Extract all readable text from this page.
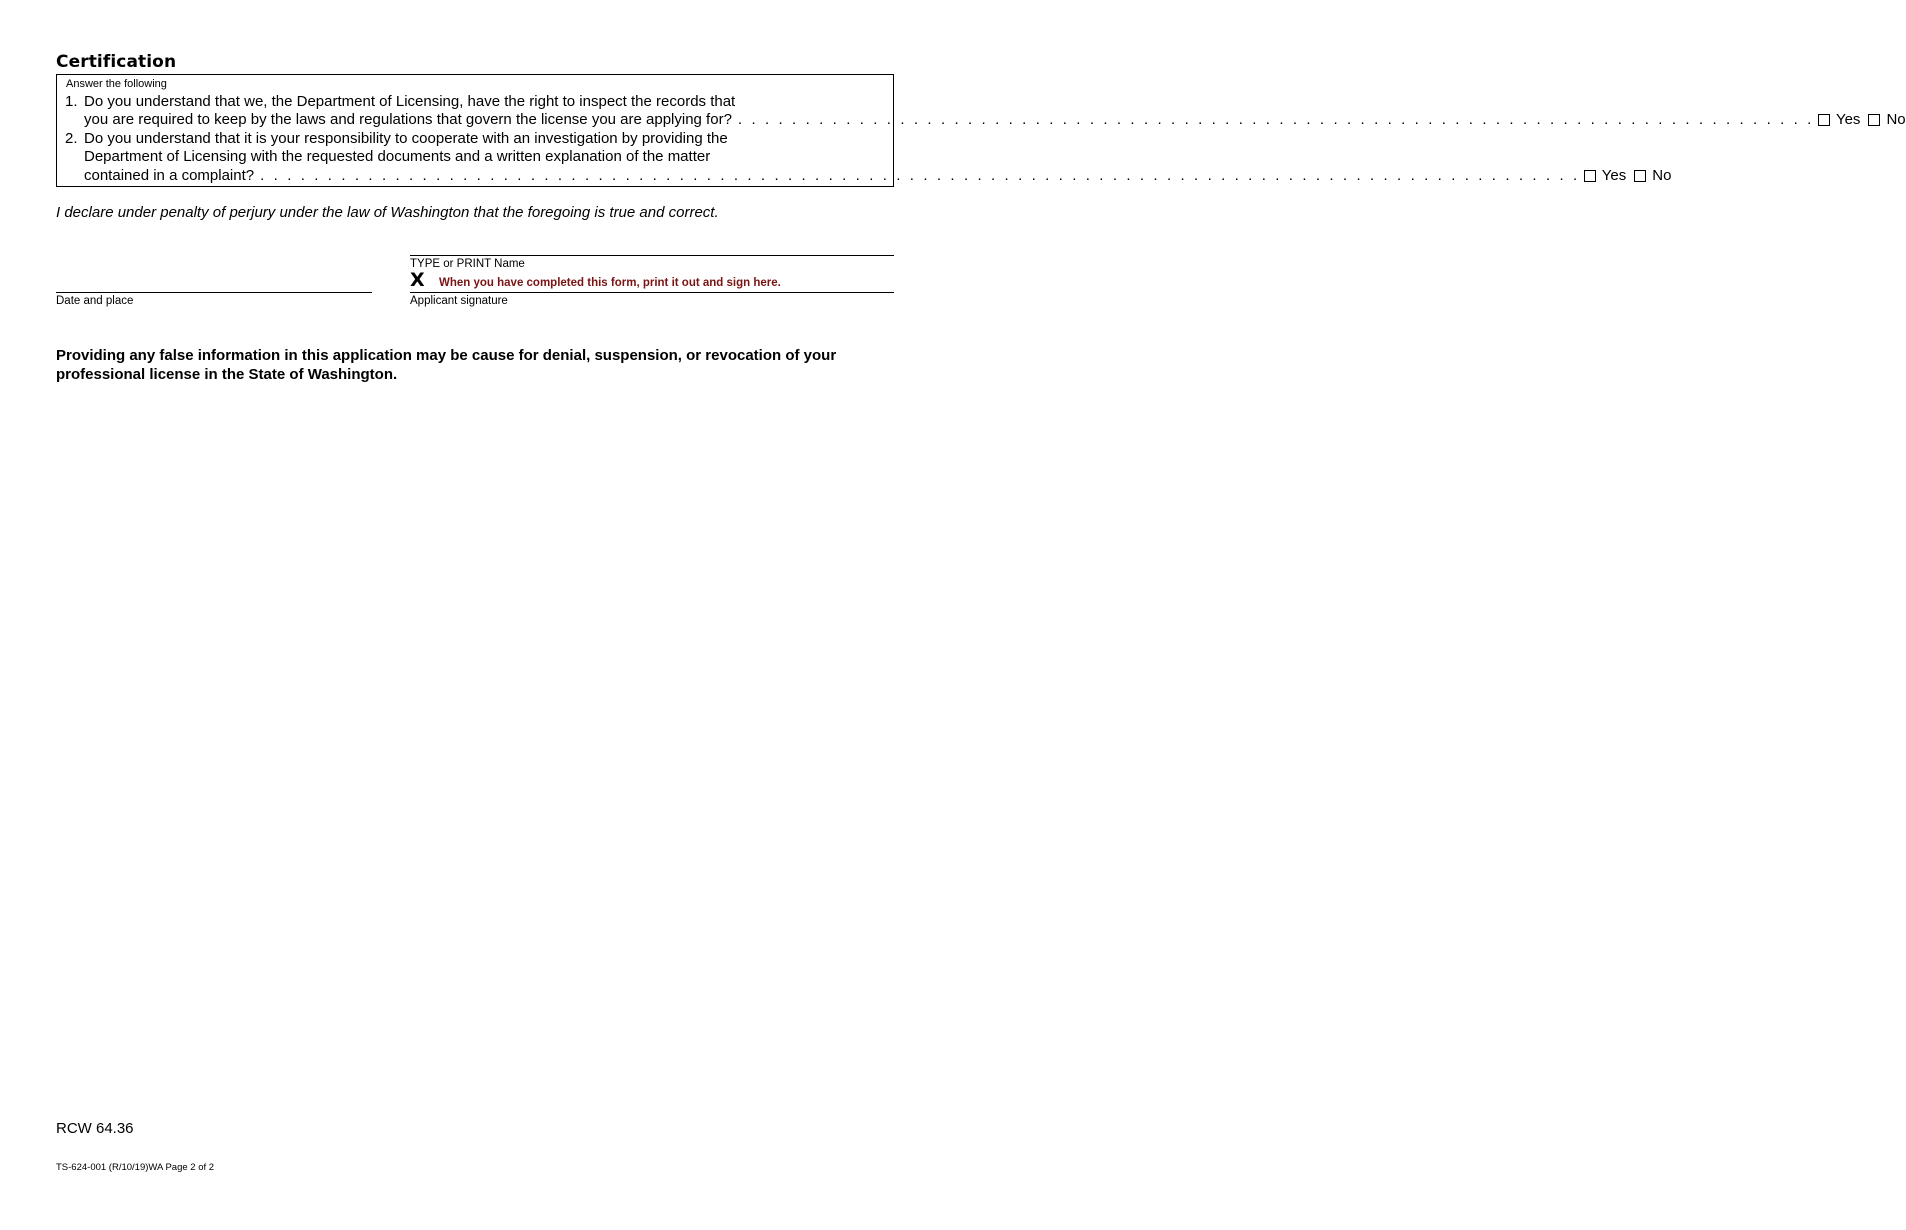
Certification
Answer the following
1. Do you understand that we, the Department of Licensing, have the right to inspect the records that
you are required to keep by the laws and regulations that govern the license you are applying for? . . . . . . . . . . . . . . . . . . . . . . . . . . . . . . . . . . . . . . . . . . . . . . . . . . . . . . . . . . . . . . . . . . . . . . . . . . . . . . . . Yes No
2. Do you understand that it is your responsibility to cooperate with an investigation by providing the
Department of Licensing with the requested documents and a written explanation of the matter
contained in a complaint? . . . . . . . . . . . . . . . . . . . . . . . . . . . . . . . . . . . . . . . . . . . . . . . . . . . . . . . . . . . . . . . . . . . . . . . . . . . . . . . . . . . . . . . . . . . . . . . . . . Yes No
I declare under penalty of perjury under the law of Washington that the foregoing is true and correct.
TYPE or PRINT Name
X When you have completed this form, print it out and sign here.
Date and place	Applicant signature
Providing any false information in this application may be cause for denial, suspension, or revocation of your professional license in the State of Washington.
RCW 64.36
TS-624-001 (R/10/19)WA Page 2 of 2
